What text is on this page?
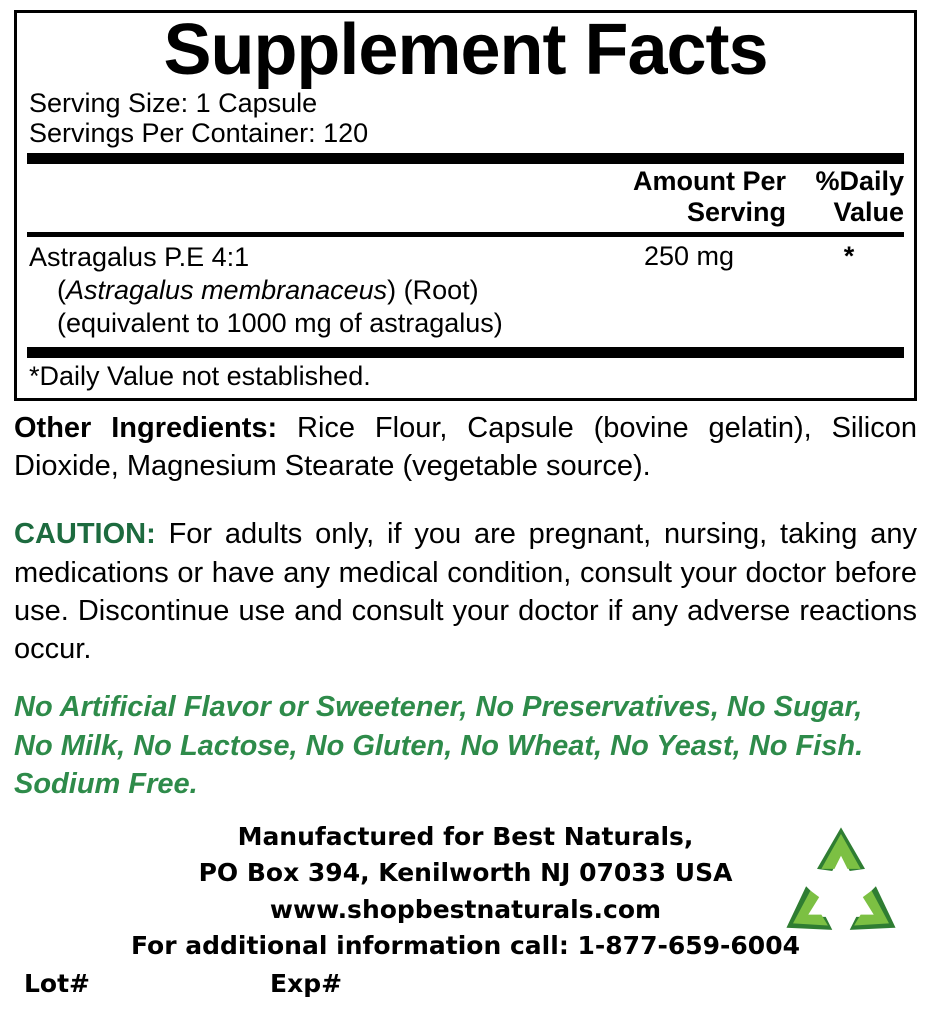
Supplement Facts
Serving Size: 1 Capsule
Servings Per Container: 120
Amount Per
Serving
%Daily
Value
Astragalus P.E 4:1
(Astragalus membranaceus) (Root)
(equivalent to 1000 mg of astragalus)
250 mg	*
*Daily Value not established.
Other Ingredients: Rice Flour, Capsule (bovine gelatin), Silicon Dioxide, Magnesium Stearate (vegetable source).
CAUTION: For adults only, if you are pregnant, nursing, taking any medications or have any medical condition, consult your doctor before use. Discontinue use and consult your doctor if any adverse reactions occur.
No Artificial Flavor or Sweetener, No Preservatives, No Sugar,
No Milk, No Lactose, No Gluten, No Wheat, No Yeast, No Fish.
Sodium Free.
Manufactured for Best Naturals,
PO Box 394, Kenilworth NJ 07033 USA
www.shopbestnaturals.com
For additional information call: 1-877-659-6004
Lot#	Exp#
